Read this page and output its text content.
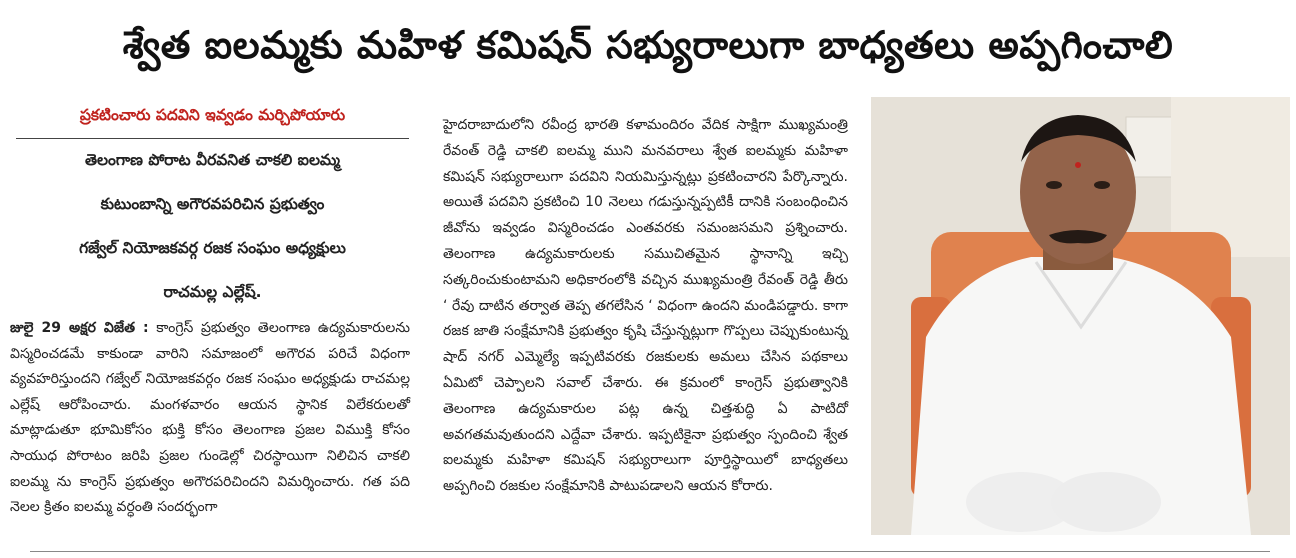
శ్వేత ఐలమ్మకు మహిళ కమిషన్ సభ్యురాలుగా బాధ్యతలు అప్పగించాలి
ప్రకటించారు పదవిని ఇవ్వడం మర్చిపోయారు
తెలంగాణ పోరాట వీరవనిత చాకలి ఐలమ్మ
కుటుంబాన్ని అగౌరవపరిచిన ప్రభుత్వం
గజ్వేల్ నియోజకవర్గ రజక సంఘం అధ్యక్షులు
రాచమల్ల ఎల్లేష్.
జులై 29 అక్షర విజేత : కాంగ్రెస్ ప్రభుత్వం తెలంగాణ ఉద్యమకారులను విస్మరించడమే కాకుండా వారిని సమాజంలో అగౌరవ పరిచే విధంగా వ్యవహరిస్తుందని గజ్వేల్ నియోజకవర్గం రజక సంఘం అధ్యక్షుడు రాచమల్ల ఎల్లేష్ ఆరోపించారు. మంగళవారం ఆయన స్థానిక విలేకరులతో మాట్లాడుతూ భూమికోసం భుక్తి కోసం తెలంగాణ ప్రజల విముక్తి కోసం సాయుధ పోరాటం జరిపి ప్రజల గుండెల్లో చిరస్థాయిగా నిలిచిన చాకలి ఐలమ్మ ను కాంగ్రెస్ ప్రభుత్వం అగౌరపరిచిందని విమర్శించారు. గత పది నెలల క్రితం ఐలమ్మ వర్ధంతి సందర్భంగా
హైదరాబాదులోని రవీంద్ర భారతి కళామందిరం వేదిక సాక్షిగా ముఖ్యమంత్రి రేవంత్ రెడ్డి చాకలి ఐలమ్మ ముని మనవరాలు శ్వేత ఐలమ్మకు మహిళా కమిషన్ సభ్యురాలుగా పదవిని నియమిస్తున్నట్లు ప్రకటించారని పేర్కొన్నారు. అయితే పదవిని ప్రకటించి 10 నెలలు గడుస్తున్నప్పటికీ దానికి సంబంధించిన జీవోను ఇవ్వడం విస్మరించడం ఎంతవరకు సమంజసమని ప్రశ్నించారు. తెలంగాణ ఉద్యమకారులకు సముచితమైన స్థానాన్ని ఇచ్చి సత్కరించుకుంటామని అధికారంలోకి వచ్చిన ముఖ్యమంత్రి రేవంత్ రెడ్డి తీరు ‘ రేవు దాటిన తర్వాత తెప్ప తగలేసిన ‘ విధంగా ఉందని మండిపడ్డారు. కాగా రజక జాతి సంక్షేమానికి ప్రభుత్వం కృషి చేస్తున్నట్లుగా గొప్పలు చెప్పుకుంటున్న షాద్ నగర్ ఎమ్మెల్యే ఇప్పటివరకు రజకులకు అమలు చేసిన పథకాలు ఏమిటో చెప్పాలని సవాల్ చేశారు. ఈ క్రమంలో కాంగ్రెస్ ప్రభుత్వానికి తెలంగాణ ఉద్యమకారుల పట్ల ఉన్న చిత్తశుద్ధి ఏ పాటిదో అవగతమవుతుందని ఎద్దేవా చేశారు. ఇప్పటికైనా ప్రభుత్వం స్పందించి శ్వేత ఐలమ్మకు మహిళా కమిషన్ సభ్యురాలుగా పూర్తిస్థాయిలో బాధ్యతలు అప్పగించి రజకుల సంక్షేమానికి పాటుపడాలని ఆయన కోరారు.
